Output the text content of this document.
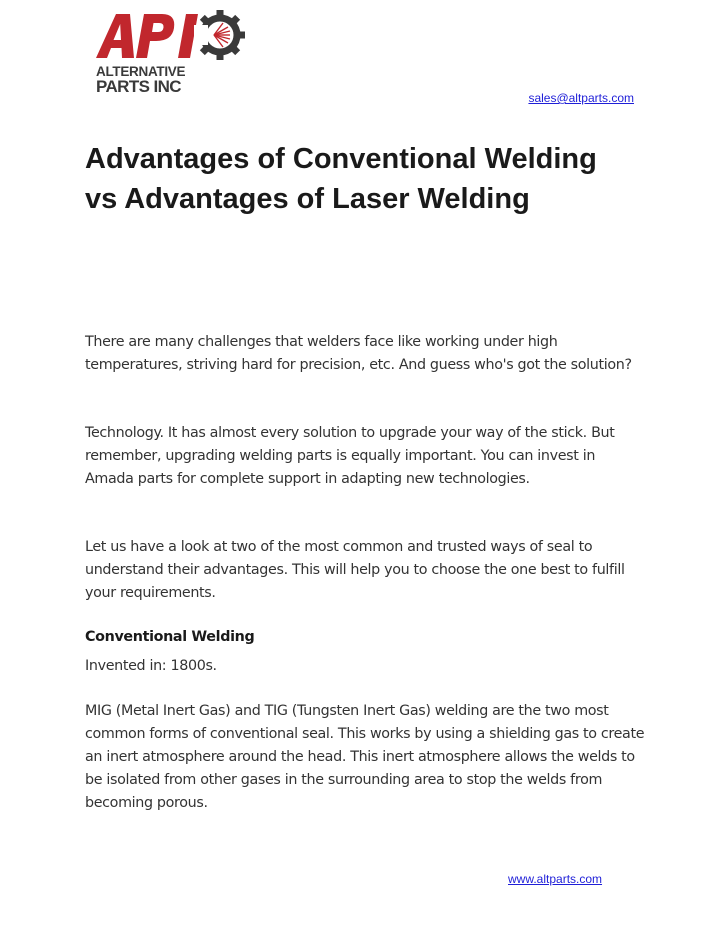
ALTERNATIVE
PARTS INC
sales@altparts.com
Advantages of Conventional Welding vs Advantages of Laser Welding

There are many challenges that welders face like working under high temperatures, striving hard for precision, etc. And guess who's got the solution?

Technology. It has almost every solution to upgrade your way of the stick. But remember, upgrading welding parts is equally important. You can invest in Amada parts for complete support in adapting new technologies.

Let us have a look at two of the most common and trusted ways of seal to understand their advantages. This will help you to choose the one best to fulfill your requirements.

Conventional Welding
Invented in: 1800s.

MIG (Metal Inert Gas) and TIG (Tungsten Inert Gas) welding are the two most common forms of conventional seal. This works by using a shielding gas to create an inert atmosphere around the head. This inert atmosphere allows the welds to be isolated from other gases in the surrounding area to stop the welds from becoming porous.

www.altparts.com
